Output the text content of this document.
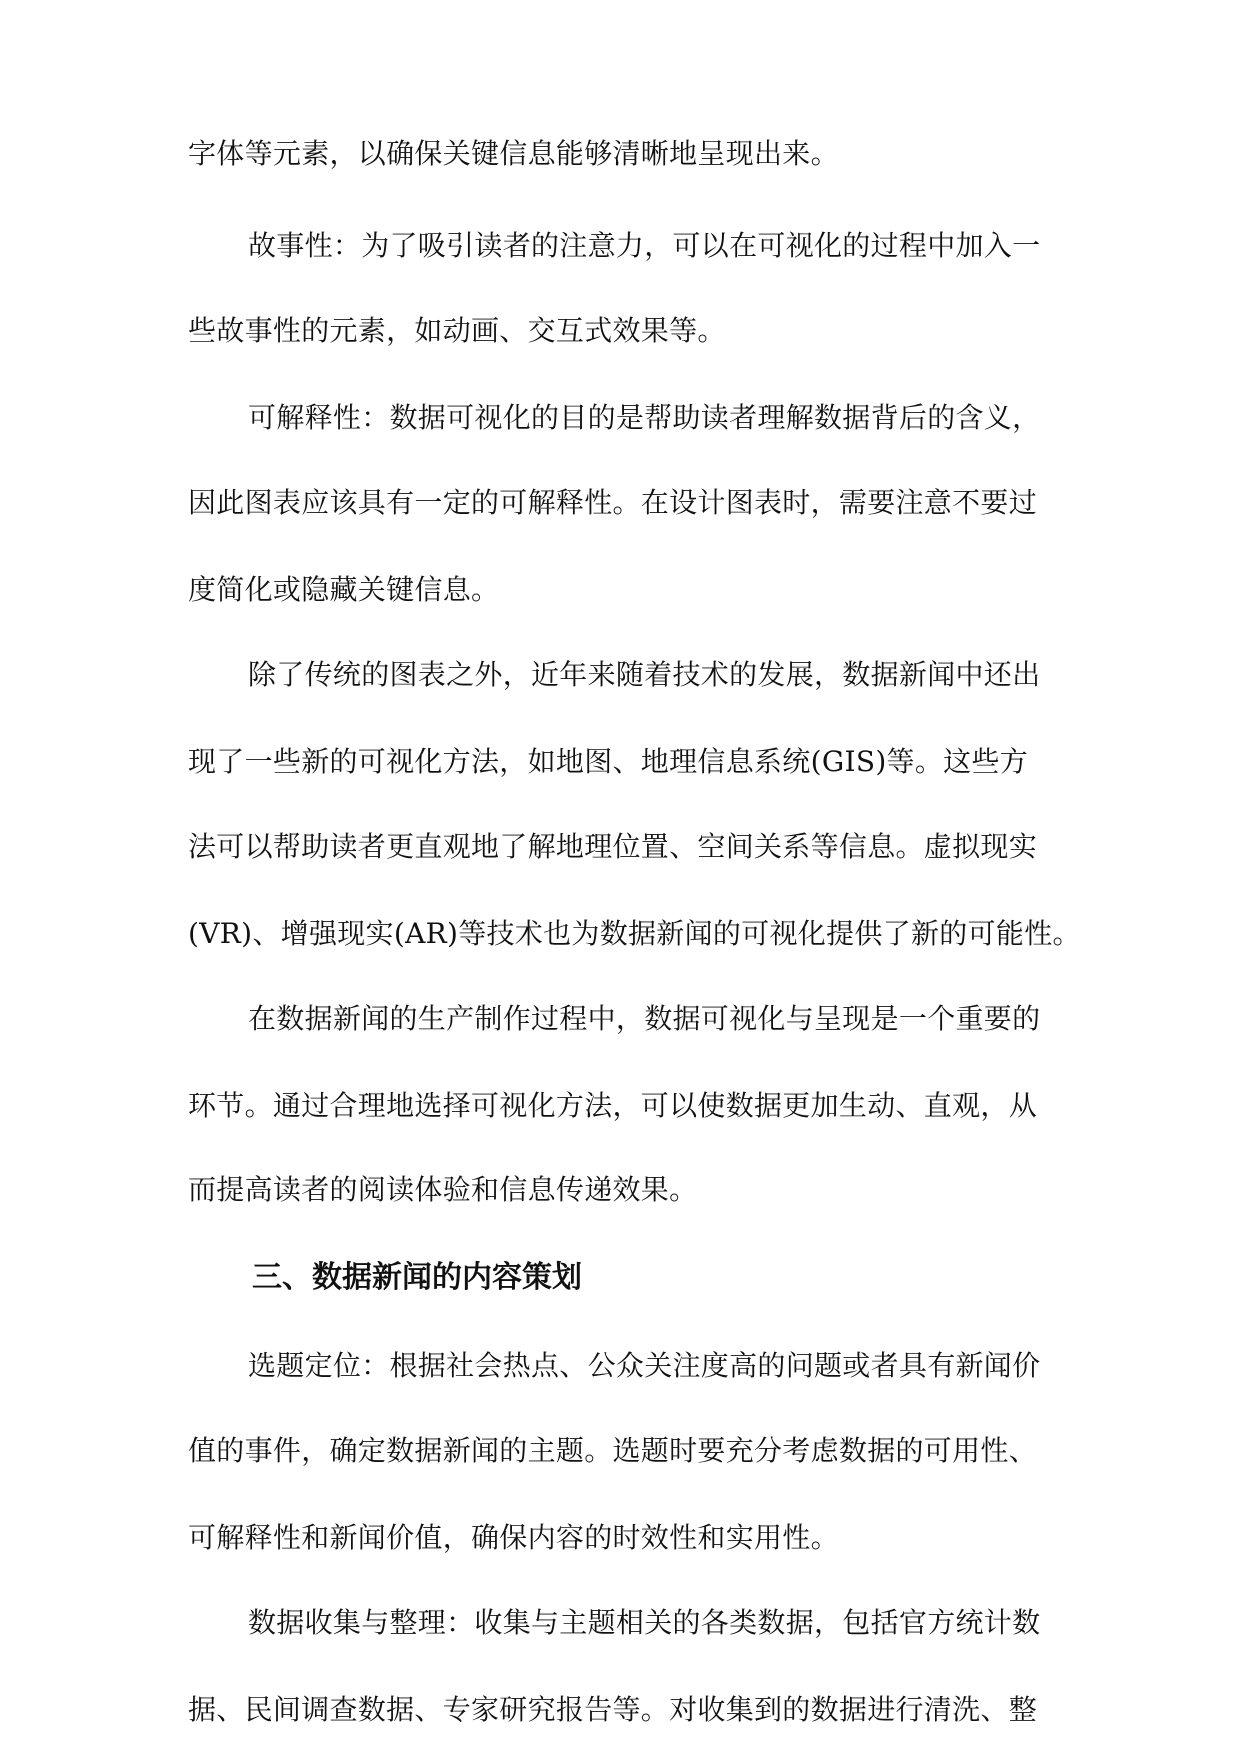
字体等元素，以确保关键信息能够清晰地呈现出来。
故事性：为了吸引读者的注意力，可以在可视化的过程中加入一
些故事性的元素，如动画、交互式效果等。
可解释性：数据可视化的目的是帮助读者理解数据背后的含义，
因此图表应该具有一定的可解释性。在设计图表时，需要注意不要过
度简化或隐藏关键信息。
除了传统的图表之外，近年来随着技术的发展，数据新闻中还出
现了一些新的可视化方法，如地图、地理信息系统(GIS)等。这些方
法可以帮助读者更直观地了解地理位置、空间关系等信息。虚拟现实
(VR)、增强现实(AR)等技术也为数据新闻的可视化提供了新的可能性。
在数据新闻的生产制作过程中，数据可视化与呈现是一个重要的
环节。通过合理地选择可视化方法，可以使数据更加生动、直观，从
而提高读者的阅读体验和信息传递效果。
三、数据新闻的内容策划
选题定位：根据社会热点、公众关注度高的问题或者具有新闻价
值的事件，确定数据新闻的主题。选题时要充分考虑数据的可用性、
可解释性和新闻价值，确保内容的时效性和实用性。
数据收集与整理：收集与主题相关的各类数据，包括官方统计数
据、民间调查数据、专家研究报告等。对收集到的数据进行清洗、整
